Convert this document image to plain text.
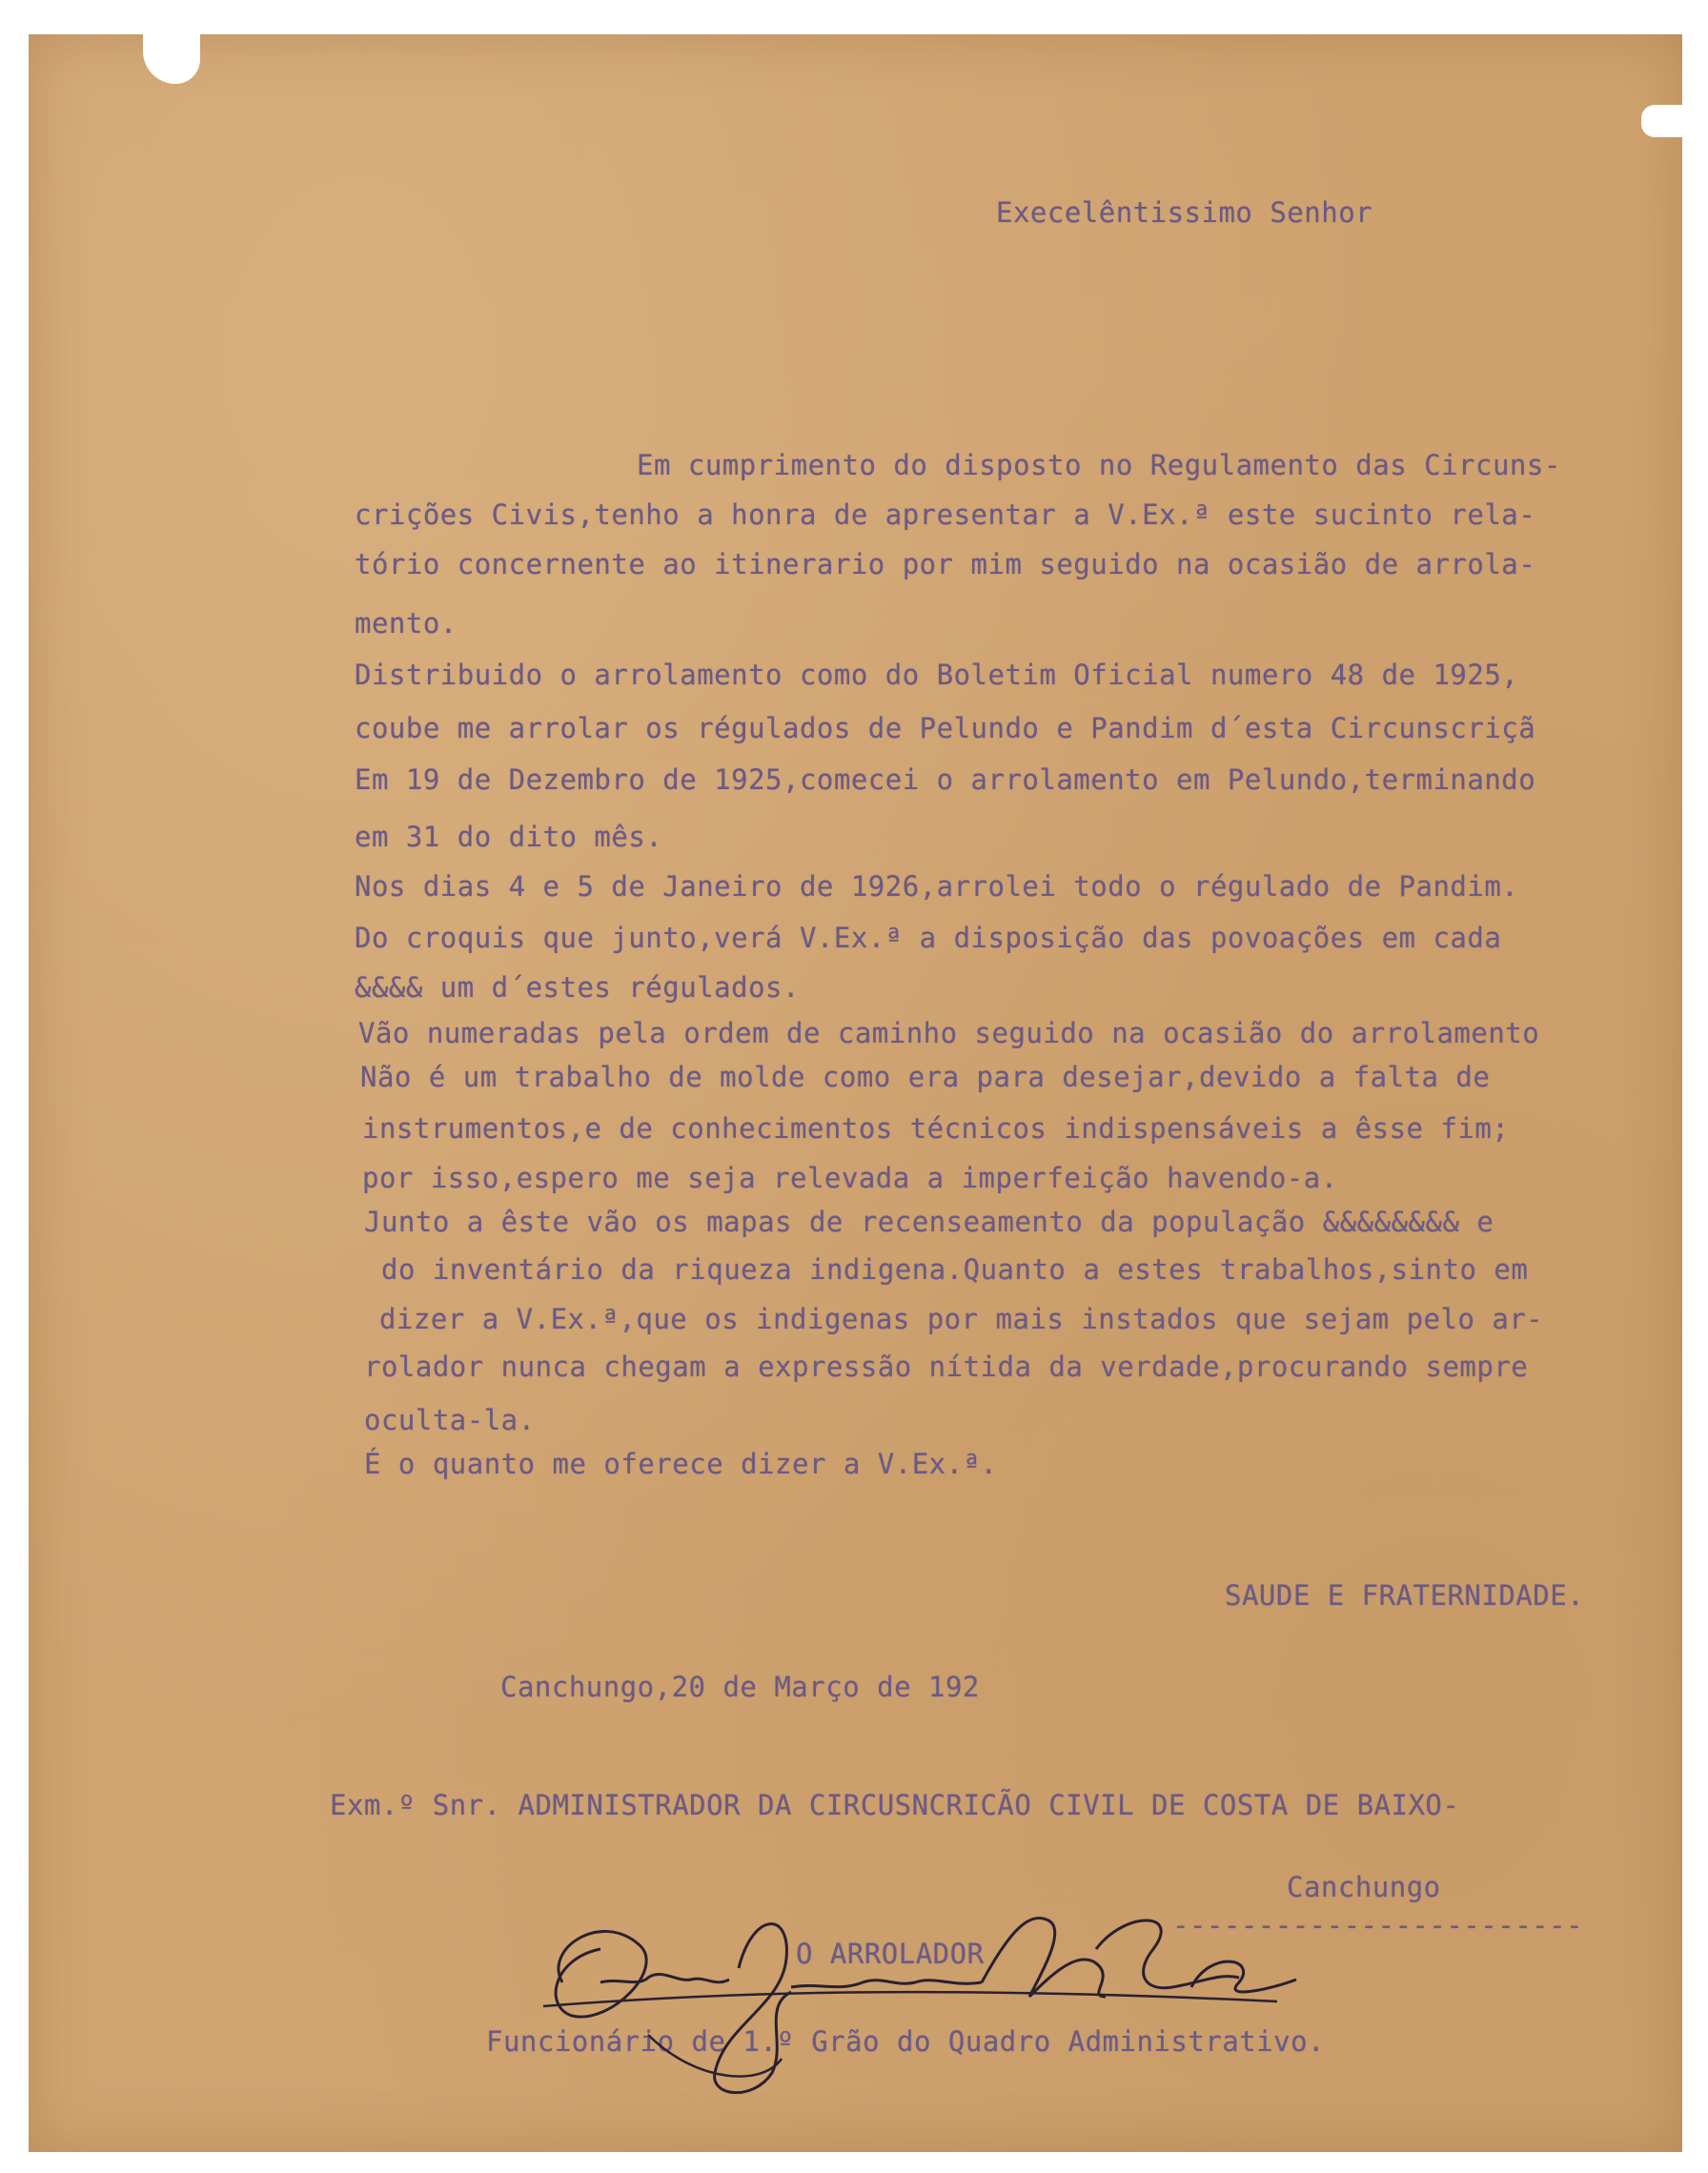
Execelêntissimo Senhor
Em cumprimento do disposto no Regulamento das Circuns-
crições Civis,tenho a honra de apresentar a V.Ex.ª este sucinto rela-
tório concernente ao itinerario por mim seguido na ocasião de arrola-
mento.
Distribuido o arrolamento como do Boletim Oficial numero 48 de 1925,
coube me arrolar os régulados de Pelundo e Pandim d´esta Circunscriçã
Em 19 de Dezembro de 1925,comecei o arrolamento em Pelundo,terminando
em 31 do dito mês.
Nos dias 4 e 5 de Janeiro de 1926,arrolei todo o régulado de Pandim.
Do croquis que junto,verá V.Ex.ª a disposição das povoações em cada
&&&& um d´estes régulados.
Vão numeradas pela ordem de caminho seguido na ocasião do arrolamento
Não é um trabalho de molde como era para desejar,devido a falta de
instrumentos,e de conhecimentos técnicos indispensáveis a êsse fim;
por isso,espero me seja relevada a imperfeição havendo-a.
Junto a êste vão os mapas de recenseamento da população &&&&&&&& e
do inventário da riqueza indigena.Quanto a estes trabalhos,sinto em
dizer a V.Ex.ª,que os indigenas por mais instados que sejam pelo ar-
rolador nunca chegam a expressão nítida da verdade,procurando sempre
oculta-la.
É o quanto me oferece dizer a V.Ex.ª.
SAUDE E FRATERNIDADE.
Canchungo,20 de Março de 192
Exm.º Snr. ADMINISTRADOR DA CIRCUSNCRICÃO CIVIL DE COSTA DE BAIXO-
Canchungo
------------------------
O ARROLADOR
Funcionário de 1.º Grão do Quadro Administrativo.
